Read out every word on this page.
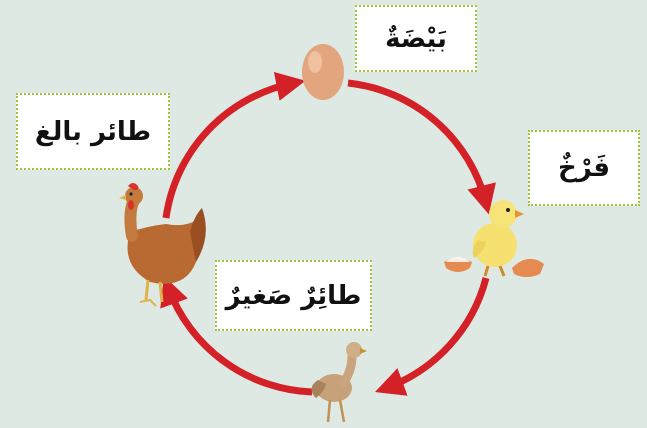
بَيْضَةٌ
فَرْخٌ
طائِرٌ صَغيرٌ
طائر بالغ
